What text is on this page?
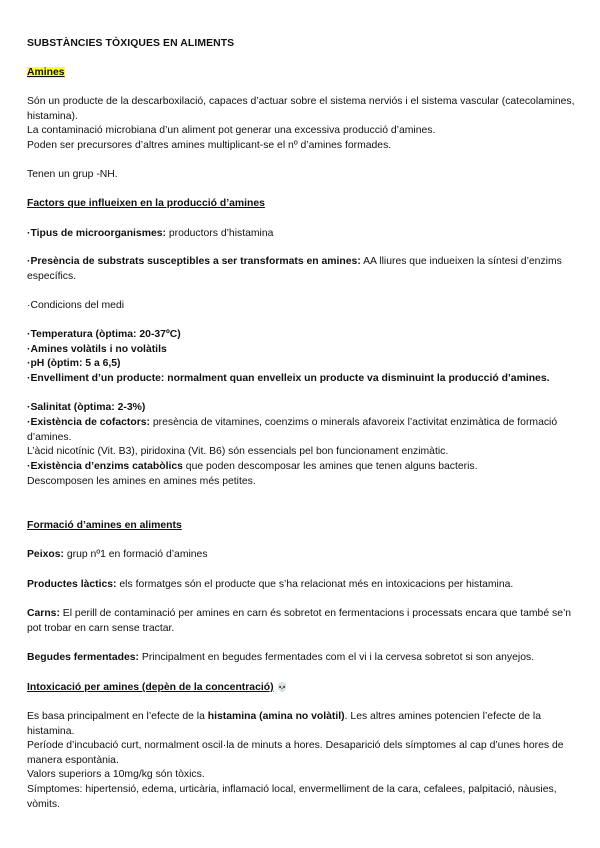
SUBSTÀNCIES TÒXIQUES EN ALIMENTS

Amines

Són un producte de la descarboxilació, capaces d’actuar sobre el sistema nerviós i el sistema vascular (catecolamines, histamina).

La contaminació microbiana d’un aliment pot generar una excessiva producció d’amines.

Poden ser precursores d’altres amines multiplicant-se el nº d’amines formades.

Tenen un grup -NH.

Factors que influeixen en la producció d’amines

·Tipus de microorganismes: productors d’histamina

·Presència de substrats susceptibles a ser transformats en amines: AA lliures que indueixen la síntesi d’enzims específics.

·Condicions del medi

·Temperatura (òptima: 20-37ºC)

·Amines volàtils i no volàtils

·pH (òptim: 5 a 6,5)

·Envelliment d’un producte: normalment quan envelleix un producte va disminuint la producció d’amines.

·Salinitat (òptima: 2-3%)

·Existència de cofactors: presència de vitamines, coenzims o minerals afavoreix l’activitat enzimàtica de formació d’amines.

L’àcid nicotínic (Vit. B3), piridoxina (Vit. B6) són essencials pel bon funcionament enzimàtic.

·Existència d’enzims catabòlics que poden descomposar les amines que tenen alguns bacteris.

Descomposen les amines en amines més petites.

Formació d’amines en aliments

Peixos: grup nº1 en formació d’amines

Productes làctics: els formatges són el producte que s’ha relacionat més en intoxicacions per histamina.

Carns: El perill de contaminació per amines en carn és sobretot en fermentacions i processats encara que també se’n pot trobar en carn sense tractar.

Begudes fermentades: Principalment en begudes fermentades com el vi i la cervesa sobretot si son anyejos.

Intoxicació per amines (depèn de la concentració) 💀

Es basa principalment en l’efecte de la histamina (amina no volàtil). Les altres amines potencien l’efecte de la histamina.

Període d’incubació curt, normalment oscil·la de minuts a hores. Desaparició dels símptomes al cap d’unes hores de manera espontània.

Valors superiors a 10mg/kg són tòxics.

Símptomes: hipertensió, edema, urticària, inflamació local, envermelliment de la cara, cefalees, palpitació, nàusies, vòmits.
